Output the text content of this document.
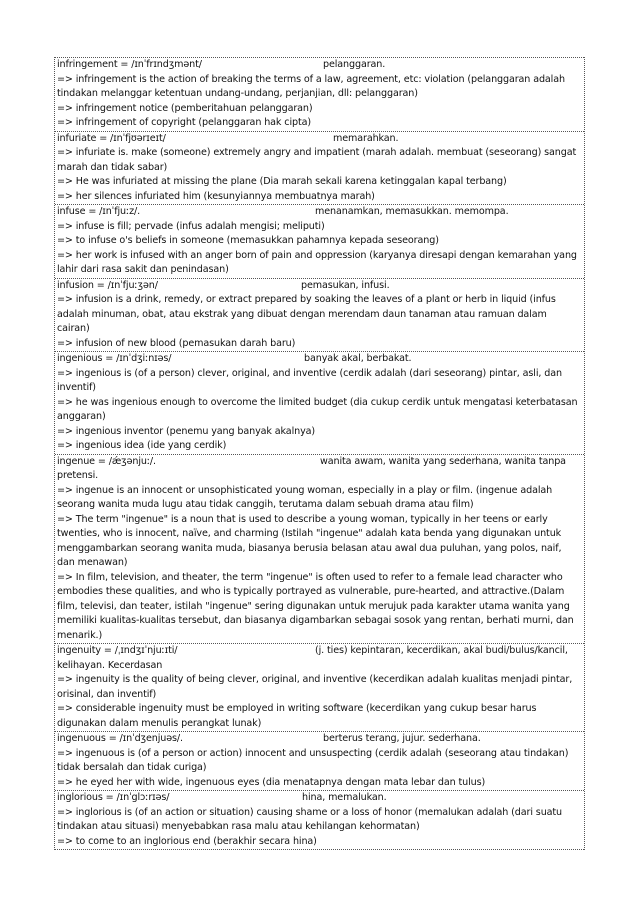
infringement = /ɪnˈfrɪndʒmənt/	pelanggaran.
=> infringement is the action of breaking the terms of a law, agreement, etc: violation (pelanggaran adalah tindakan melanggar ketentuan undang-undang, perjanjian, dll: pelanggaran)
=> infringement notice (pemberitahuan pelanggaran)
=> infringement of copyright (pelanggaran hak cipta)
infuriate = /ɪnˈfjʊərɪeɪt/	memarahkan.
=> infuriate is. make (someone) extremely angry and impatient (marah adalah. membuat (seseorang) sangat marah dan tidak sabar)
=> He was infuriated at missing the plane (Dia marah sekali karena ketinggalan kapal terbang)
=> her silences infuriated him (kesunyiannya membuatnya marah)
infuse = /ɪnˈfjuːz/.	menanamkan, memasukkan. memompa.
=> infuse is fill; pervade (infus adalah mengisi; meliputi)
=> to infuse o's beliefs in someone (memasukkan pahamnya kepada seseorang)
=> her work is infused with an anger born of pain and oppression (karyanya diresapi dengan kemarahan yang lahir dari rasa sakit dan penindasan)
infusion = /ɪnˈfjuːʒən/	pemasukan, infusi.
=> infusion is a drink, remedy, or extract prepared by soaking the leaves of a plant or herb in liquid (infus adalah minuman, obat, atau ekstrak yang dibuat dengan merendam daun tanaman atau ramuan dalam cairan)
=> infusion of new blood (pemasukan darah baru)
ingenious = /ɪnˈdʒiːnɪəs/	banyak akal, berbakat.
=> ingenious is (of a person) clever, original, and inventive (cerdik adalah (dari seseorang) pintar, asli, dan inventif)
=> he was ingenious enough to overcome the limited budget (dia cukup cerdik untuk mengatasi keterbatasan anggaran)
=> ingenious inventor (penemu yang banyak akalnya)
=> ingenious idea (ide yang cerdik)
ingenue = /ǽʒənjuː/.	wanita awam, wanita yang sederhana, wanita tanpa pretensi.
=> ingenue is an innocent or unsophisticated young woman, especially in a play or film. (ingenue adalah seorang wanita muda lugu atau tidak canggih, terutama dalam sebuah drama atau film)
=> The term "ingenue" is a noun that is used to describe a young woman, typically in her teens or early twenties, who is innocent, naïve, and charming (Istilah "ingenue" adalah kata benda yang digunakan untuk menggambarkan seorang wanita muda, biasanya berusia belasan atau awal dua puluhan, yang polos, naif, dan menawan)
=> In film, television, and theater, the term "ingenue" is often used to refer to a female lead character who embodies these qualities, and who is typically portrayed as vulnerable, pure-hearted, and attractive.(Dalam film, televisi, dan teater, istilah "ingenue" sering digunakan untuk merujuk pada karakter utama wanita yang memiliki kualitas-kualitas tersebut, dan biasanya digambarkan sebagai sosok yang rentan, berhati murni, dan menarik.)
ingenuity = /ˌɪndʒɪˈnjuːɪti/	(j. ties) kepintaran, kecerdikan, akal budi/bulus/kancil, kelihayan. Kecerdasan
=> ingenuity is the quality of being clever, original, and inventive (kecerdikan adalah kualitas menjadi pintar, orisinal, dan inventif)
=> considerable ingenuity must be employed in writing software (kecerdikan yang cukup besar harus digunakan dalam menulis perangkat lunak)
ingenuous = /ɪnˈdʒenjuəs/.	berterus terang, jujur. sederhana.
=> ingenuous is (of a person or action) innocent and unsuspecting (cerdik adalah (seseorang atau tindakan) tidak bersalah dan tidak curiga)
=> he eyed her with wide, ingenuous eyes (dia menatapnya dengan mata lebar dan tulus)
inglorious = /ɪnˈglɔːrɪəs/	hina, memalukan.
=> inglorious is (of an action or situation) causing shame or a loss of honor (memalukan adalah (dari suatu tindakan atau situasi) menyebabkan rasa malu atau kehilangan kehormatan)
=> to come to an inglorious end (berakhir secara hina)
